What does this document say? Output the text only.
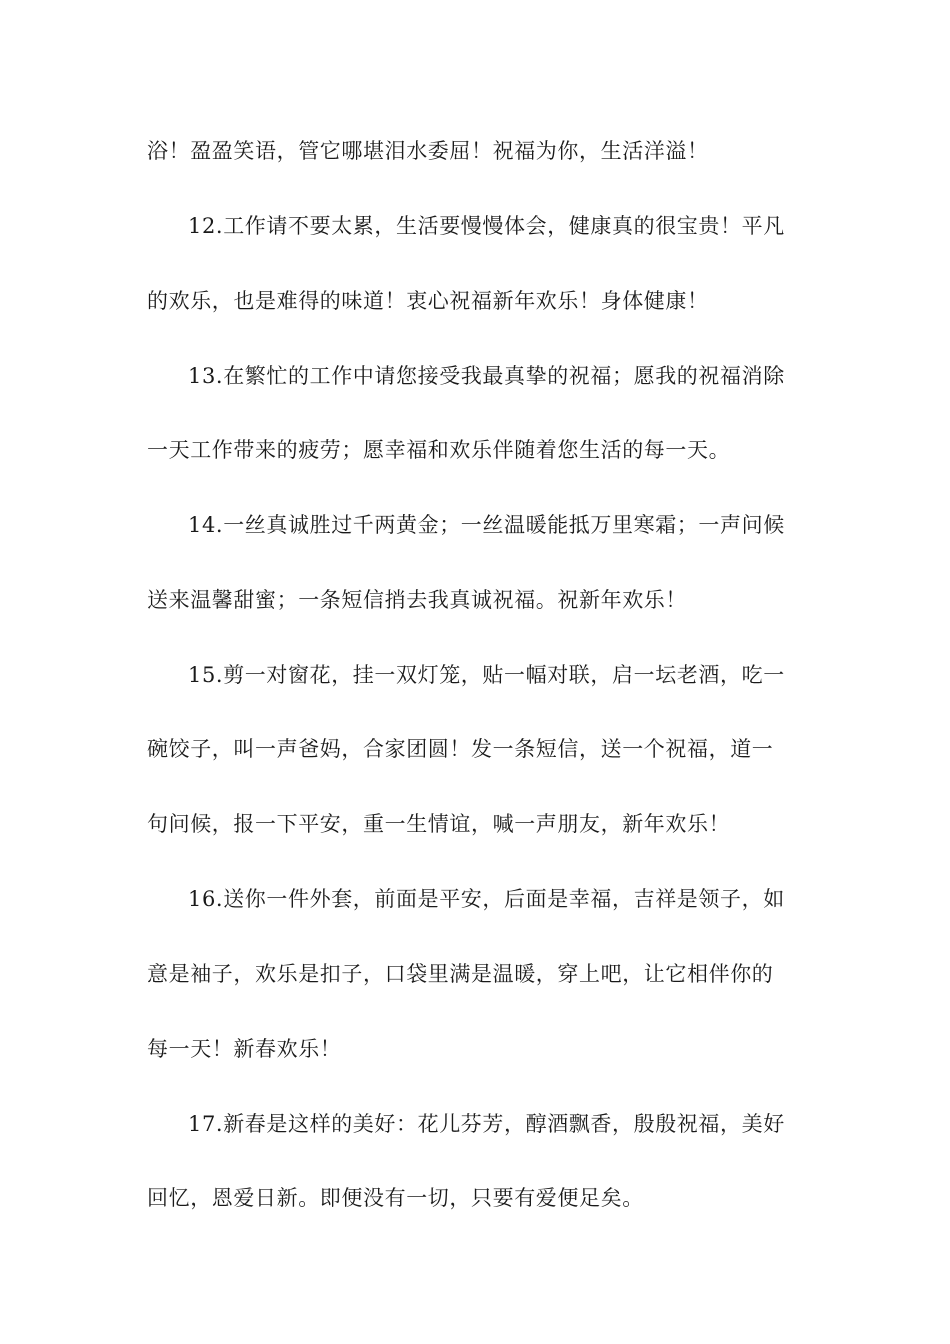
浴！盈盈笑语，管它哪堪泪水委屈！祝福为你，生活洋溢！
12.工作请不要太累，生活要慢慢体会，健康真的很宝贵！平凡
的欢乐，也是难得的味道！衷心祝福新年欢乐！身体健康！
13.在繁忙的工作中请您接受我最真挚的祝福；愿我的祝福消除
一天工作带来的疲劳；愿幸福和欢乐伴随着您生活的每一天。
14.一丝真诚胜过千两黄金；一丝温暖能抵万里寒霜；一声问候
送来温馨甜蜜；一条短信捎去我真诚祝福。祝新年欢乐！
15.剪一对窗花，挂一双灯笼，贴一幅对联，启一坛老酒，吃一
碗饺子，叫一声爸妈，合家团圆！发一条短信，送一个祝福，道一
句问候，报一下平安，重一生情谊，喊一声朋友，新年欢乐！
16.送你一件外套，前面是平安，后面是幸福，吉祥是领子，如
意是袖子，欢乐是扣子，口袋里满是温暖，穿上吧，让它相伴你的
每一天！新春欢乐！
17.新春是这样的美好：花儿芬芳，醇酒飘香，殷殷祝福，美好
回忆，恩爱日新。即便没有一切，只要有爱便足矣。
